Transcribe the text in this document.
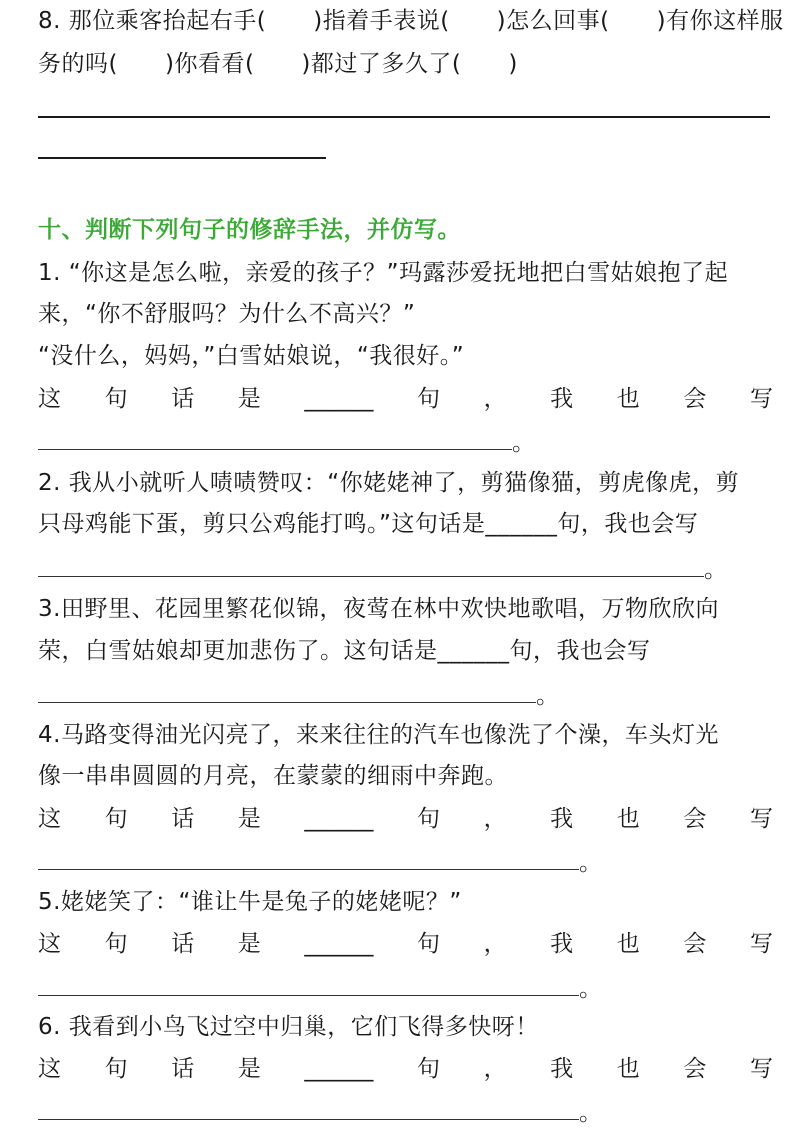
8. 那位乘客抬起右手(　　)指着手表说(　　)怎么回事(　　)有你这样服
务的吗(　　)你看看(　　)都过了多久了(　　)
十、判断下列句子的修辞手法，并仿写。
1. “你这是怎么啦，亲爱的孩子？”玛露莎爱抚地把白雪姑娘抱了起
来，“你不舒服吗？为什么不高兴？”
“没什么，妈妈，”白雪姑娘说，“我很好。”
这 句 话 是 ______ 句 ， 我 也 会 写
。
2. 我从小就听人啧啧赞叹：“你姥姥神了，剪猫像猫，剪虎像虎，剪
只母鸡能下蛋，剪只公鸡能打鸣。”这句话是______句，我也会写
。
3.田野里、花园里繁花似锦，夜莺在林中欢快地歌唱，万物欣欣向
荣，白雪姑娘却更加悲伤了。这句话是______句，我也会写
。
4.马路变得油光闪亮了，来来往往的汽车也像洗了个澡，车头灯光
像一串串圆圆的月亮，在蒙蒙的细雨中奔跑。
这 句 话 是 ______ 句 ， 我 也 会 写
。
5.姥姥笑了：“谁让牛是兔子的姥姥呢？”
这 句 话 是 ______ 句 ， 我 也 会 写
。
6. 我看到小鸟飞过空中归巢，它们飞得多快呀！
这 句 话 是 ______ 句 ， 我 也 会 写
。
